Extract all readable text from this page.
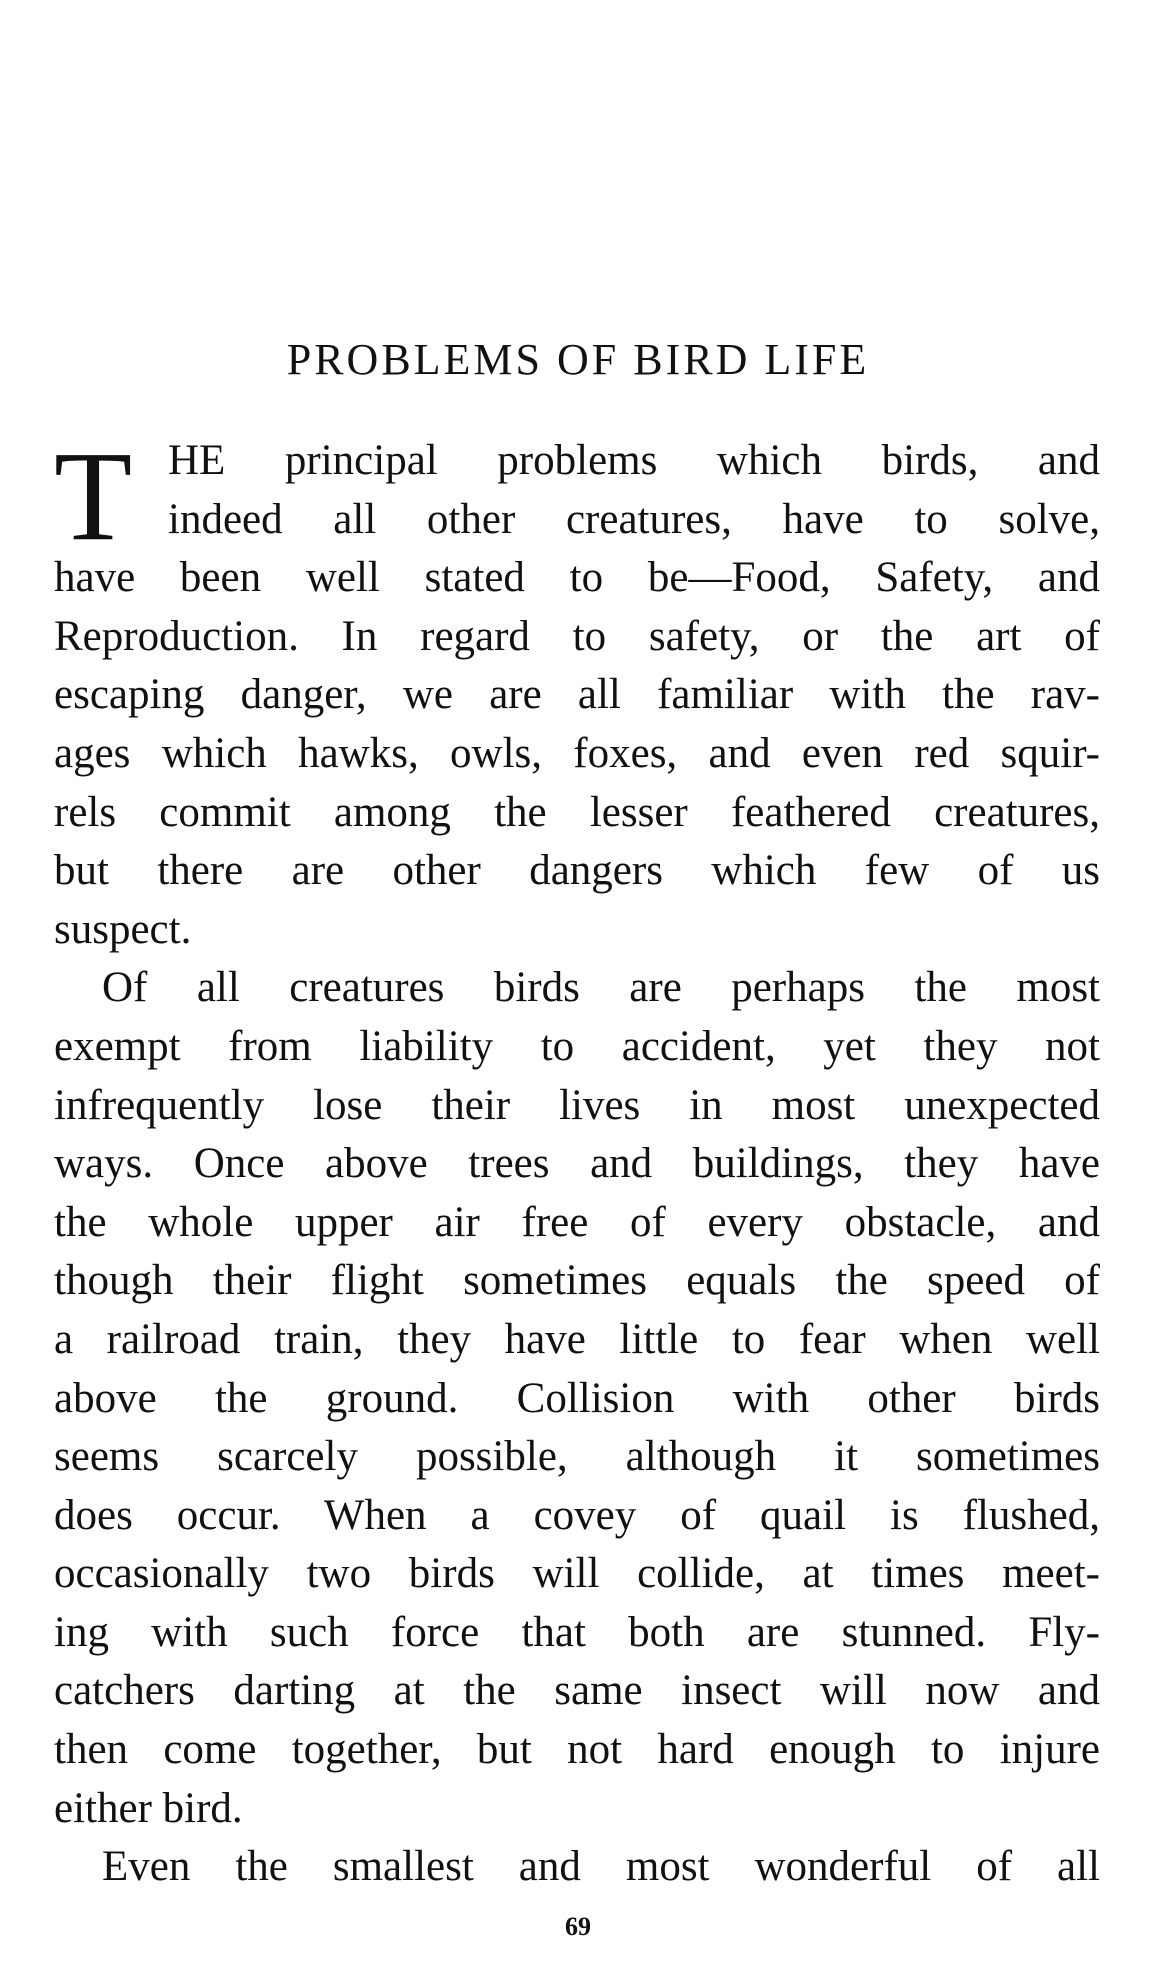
PROBLEMS OF BIRD LIFE
T HE principal problems which birds, and
indeed all other creatures, have to solve,
have been well stated to be—Food, Safety, and
Reproduction. In regard to safety, or the art of
escaping danger, we are all familiar with the rav-
ages which hawks, owls, foxes, and even red squir-
rels commit among the lesser feathered creatures,
but there are other dangers which few of us
suspect.
Of all creatures birds are perhaps the most
exempt from liability to accident, yet they not
infrequently lose their lives in most unexpected
ways. Once above trees and buildings, they have
the whole upper air free of every obstacle, and
though their flight sometimes equals the speed of
a railroad train, they have little to fear when well
above the ground. Collision with other birds
seems scarcely possible, although it sometimes
does occur. When a covey of quail is flushed,
occasionally two birds will collide, at times meet-
ing with such force that both are stunned. Fly-
catchers darting at the same insect will now and
then come together, but not hard enough to injure
either bird.
Even the smallest and most wonderful of all
69
